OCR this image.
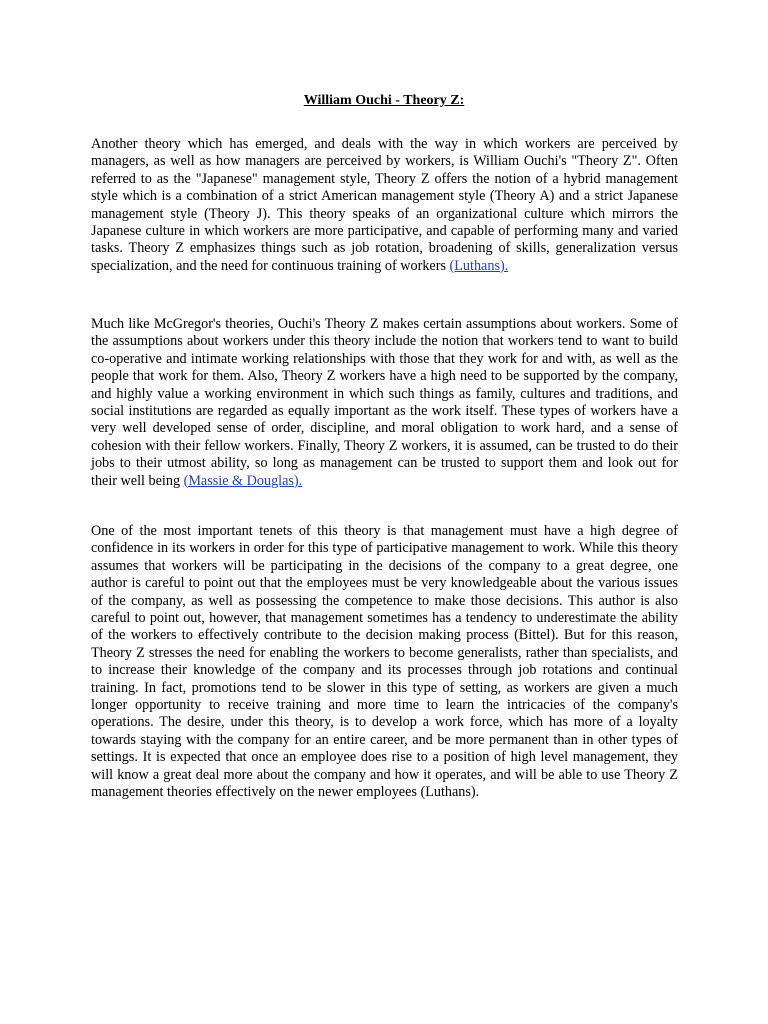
William Ouchi - Theory Z:
Another theory which has emerged, and deals with the way in which workers are perceived by managers, as well as how managers are perceived by workers, is William Ouchi's "Theory Z". Often referred to as the "Japanese" management style, Theory Z offers the notion of a hybrid management style which is a combination of a strict American management style (Theory A) and a strict Japanese management style (Theory J). This theory speaks of an organizational culture which mirrors the Japanese culture in which workers are more participative, and capable of performing many and varied tasks. Theory Z emphasizes things such as job rotation, broadening of skills, generalization versus specialization, and the need for continuous training of workers (Luthans).
Much like McGregor's theories, Ouchi's Theory Z makes certain assumptions about workers. Some of the assumptions about workers under this theory include the notion that workers tend to want to build co-operative and intimate working relationships with those that they work for and with, as well as the people that work for them. Also, Theory Z workers have a high need to be supported by the company, and highly value a working environment in which such things as family, cultures and traditions, and social institutions are regarded as equally important as the work itself. These types of workers have a very well developed sense of order, discipline, and moral obligation to work hard, and a sense of cohesion with their fellow workers. Finally, Theory Z workers, it is assumed, can be trusted to do their jobs to their utmost ability, so long as management can be trusted to support them and look out for their well being (Massie & Douglas).
One of the most important tenets of this theory is that management must have a high degree of confidence in its workers in order for this type of participative management to work. While this theory assumes that workers will be participating in the decisions of the company to a great degree, one author is careful to point out that the employees must be very knowledgeable about the various issues of the company, as well as possessing the competence to make those decisions. This author is also careful to point out, however, that management sometimes has a tendency to underestimate the ability of the workers to effectively contribute to the decision making process (Bittel). But for this reason, Theory Z stresses the need for enabling the workers to become generalists, rather than specialists, and to increase their knowledge of the company and its processes through job rotations and continual training. In fact, promotions tend to be slower in this type of setting, as workers are given a much longer opportunity to receive training and more time to learn the intricacies of the company's operations. The desire, under this theory, is to develop a work force, which has more of a loyalty towards staying with the company for an entire career, and be more permanent than in other types of settings. It is expected that once an employee does rise to a position of high level management, they will know a great deal more about the company and how it operates, and will be able to use Theory Z management theories effectively on the newer employees (Luthans).
